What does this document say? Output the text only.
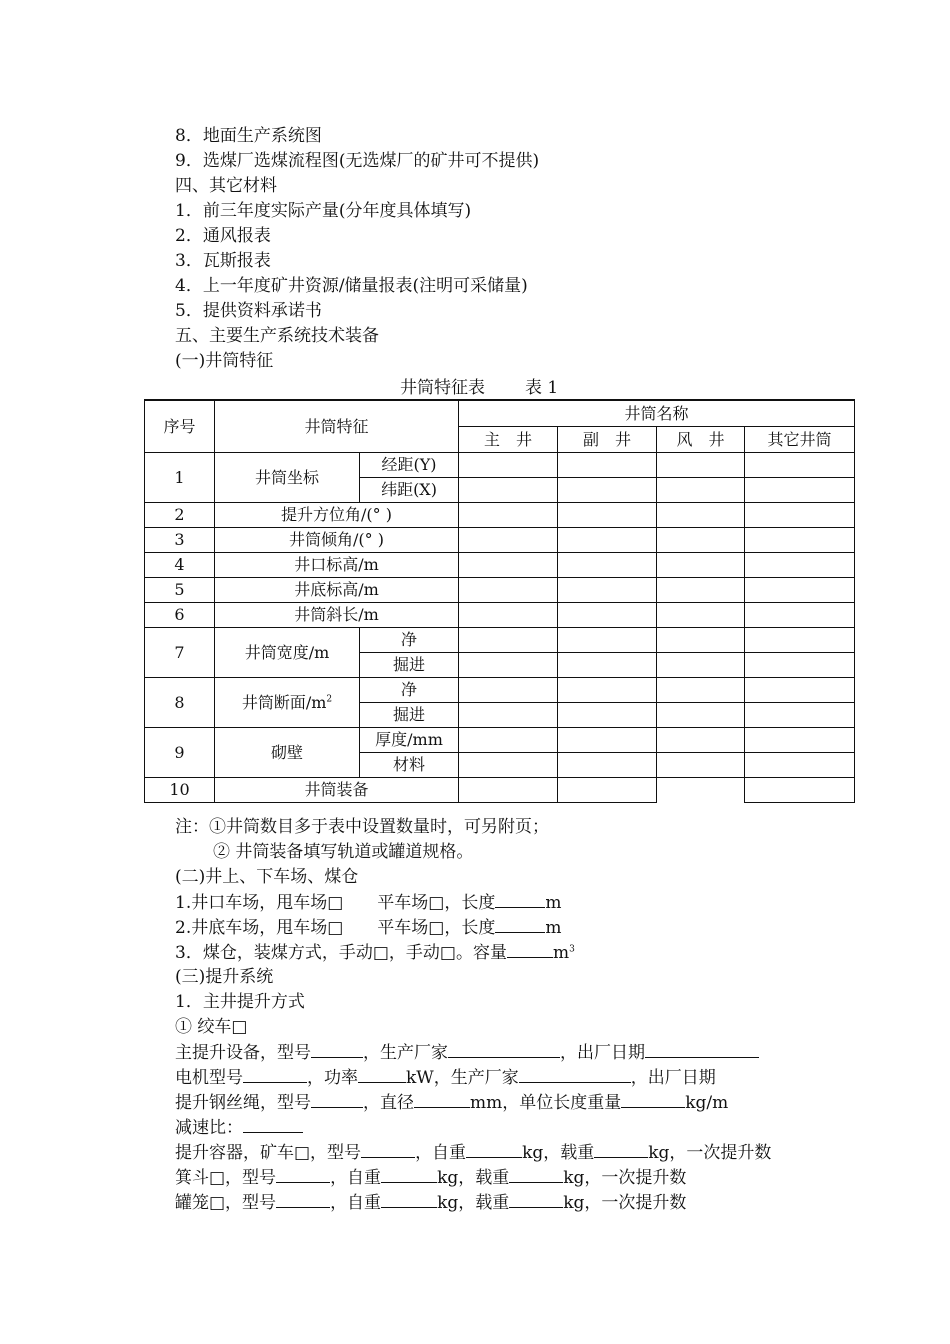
8．地面生产系统图
9．选煤厂选煤流程图(无选煤厂的矿井可不提供)
四、其它材料
1．前三年度实际产量(分年度具体填写)
2．通风报表
3．瓦斯报表
4．上一年度矿井资源/储量报表(注明可采储量)
5．提供资料承诺书
五、主要生产系统技术装备
(一)井筒特征
井筒特征表 表 1
序号	井筒特征		井筒名称			
			主　井	副　井	风　井	其它井筒
1	井筒坐标	经距(Y)				
		纬距(X)				
2	提升方位角/(° )					
3	井筒倾角/(° )					
4	井口标高/m					
5	井底标高/m					
6	井筒斜长/m					
7	井筒宽度/m	净				
		掘进				
8	井筒断面$/m^2$	净				
		掘进				
9	砌壁	厚度/mm				
		材料				
10	井筒装备					
注：①井筒数目多于表中设置数量时，可另附页；
② 井筒装备填写轨道或罐道规格。
(二)井上、下车场、煤仓
1.井口车场，甩车场□　　平车场□，长度	m
2.井底车场，甩车场□　　平车场□，长度	m
3．煤仓，装煤方式，手动□，手动□。容量	$m^3$
(三)提升系统
1．主井提升方式
① 绞车□
主提升设备，型号	，生产厂家	，出厂日期
电机型号	，功率	kW，生产厂家	，出厂日期
提升钢丝绳，型号	，直径	mm，单位长度重量	kg/m
减速比：
提升容器，矿车□，型号	，自重	kg，载重	kg，一次提升数
箕斗□，型号	，自重	kg，载重	kg，一次提升数
罐笼□，型号	，自重	kg，载重	kg，一次提升数
